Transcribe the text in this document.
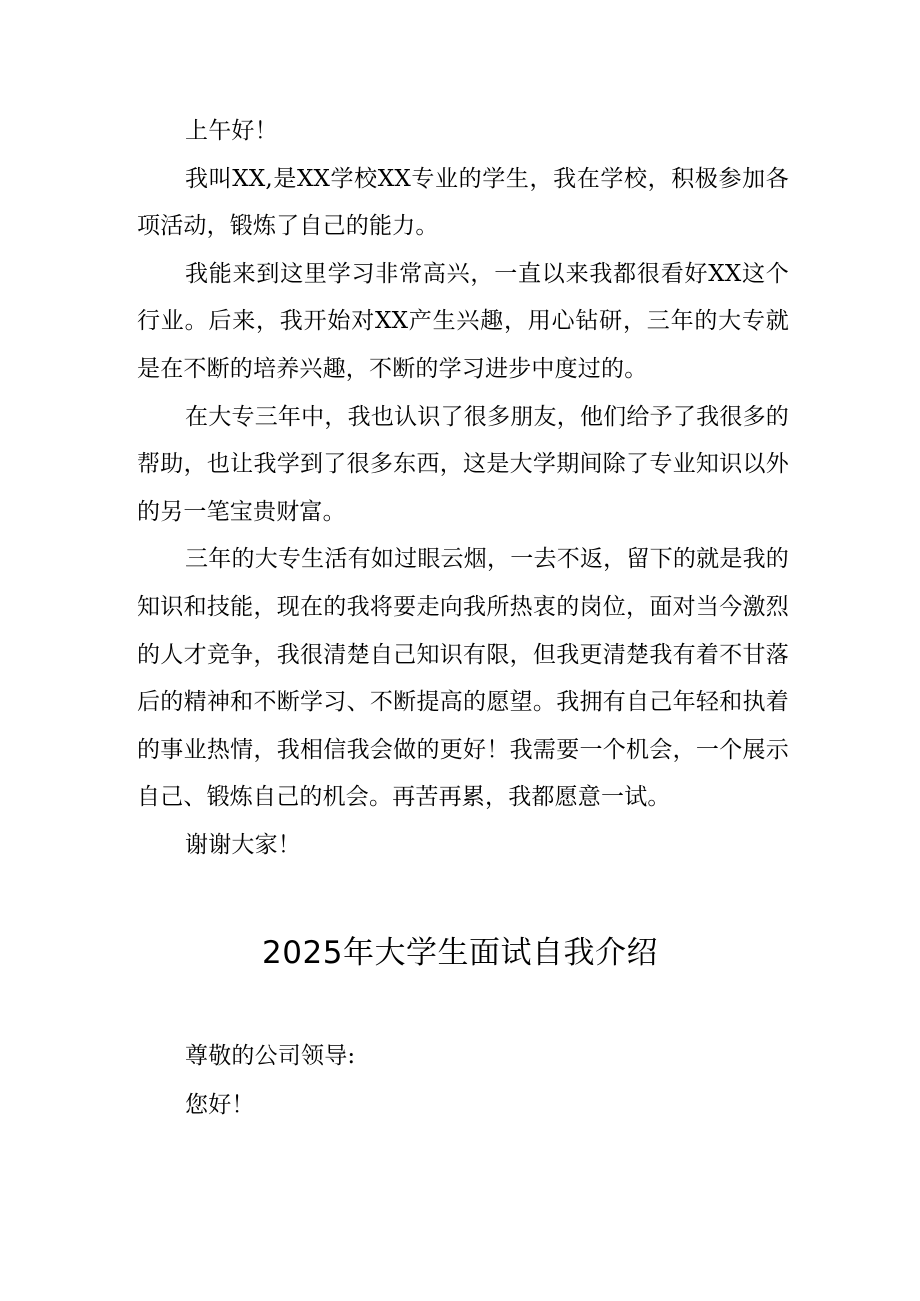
上午好！

我叫XX,是XX学校XX专业的学生，我在学校，积极参加各项活动，锻炼了自己的能力。

我能来到这里学习非常高兴，一直以来我都很看好XX这个行业。后来，我开始对XX产生兴趣，用心钻研，三年的大专就是在不断的培养兴趣，不断的学习进步中度过的。

在大专三年中，我也认识了很多朋友，他们给予了我很多的帮助，也让我学到了很多东西，这是大学期间除了专业知识以外的另一笔宝贵财富。

三年的大专生活有如过眼云烟，一去不返，留下的就是我的知识和技能，现在的我将要走向我所热衷的岗位，面对当今激烈的人才竞争，我很清楚自己知识有限，但我更清楚我有着不甘落后的精神和不断学习、不断提高的愿望。我拥有自己年轻和执着的事业热情，我相信我会做的更好！我需要一个机会，一个展示自己、锻炼自己的机会。再苦再累，我都愿意一试。

谢谢大家！

2025年大学生面试自我介绍

尊敬的公司领导:

您好！
